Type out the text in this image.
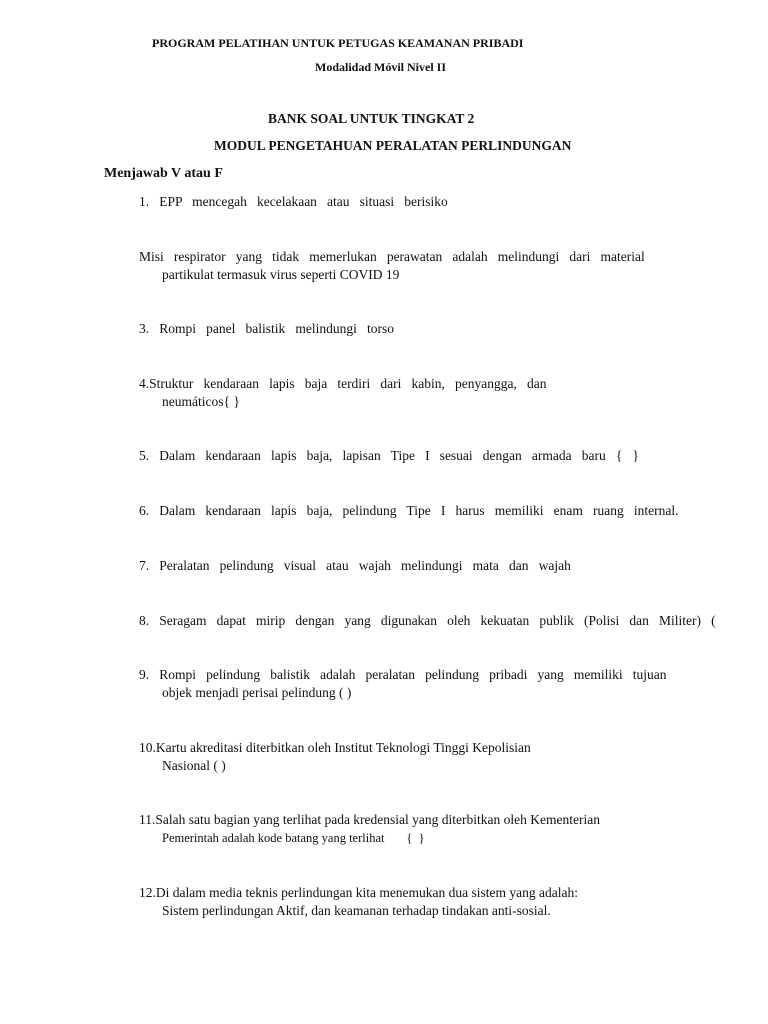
PROGRAM PELATIHAN UNTUK PETUGAS KEAMANAN PRIBADI
Modalidad Móvil Nivel II
BANK SOAL UNTUK TINGKAT 2
MODUL PENGETAHUAN PERALATAN PERLINDUNGAN
Menjawab V atau F
1.   EPP   mencegah   kecelakaan   atau   situasi   berisiko
Misi   respirator   yang   tidak   memerlukan   perawatan   adalah   melindungi   dari   material
partikulat termasuk virus seperti COVID 19
3.   Rompi   panel   balistik   melindungi   torso
4.Struktur   kendaraan   lapis   baja   terdiri   dari   kabin,   penyangga,   dan
neumáticos{ }
5.   Dalam   kendaraan   lapis   baja,   lapisan   Tipe   I   sesuai   dengan   armada   baru   {   }
6.   Dalam   kendaraan   lapis   baja,   pelindung   Tipe   I   harus   memiliki   enam   ruang   internal.
7.   Peralatan   pelindung   visual   atau   wajah   melindungi   mata   dan   wajah
8.   Seragam   dapat   mirip   dengan   yang   digunakan   oleh   kekuatan   publik   (Polisi   dan   Militer)   (
9.   Rompi   pelindung   balistik   adalah   peralatan   pelindung   pribadi   yang   memiliki   tujuan
objek menjadi perisai pelindung ( )
10.Kartu akreditasi diterbitkan oleh Institut Teknologi Tinggi Kepolisian
Nasional ( )
11.Salah satu bagian yang terlihat pada kredensial yang diterbitkan oleh Kementerian
Pemerintah adalah kode batang yang terlihat       {  }
12.Di dalam media teknis perlindungan kita menemukan dua sistem yang adalah:
Sistem perlindungan Aktif, dan keamanan terhadap tindakan anti-sosial.
